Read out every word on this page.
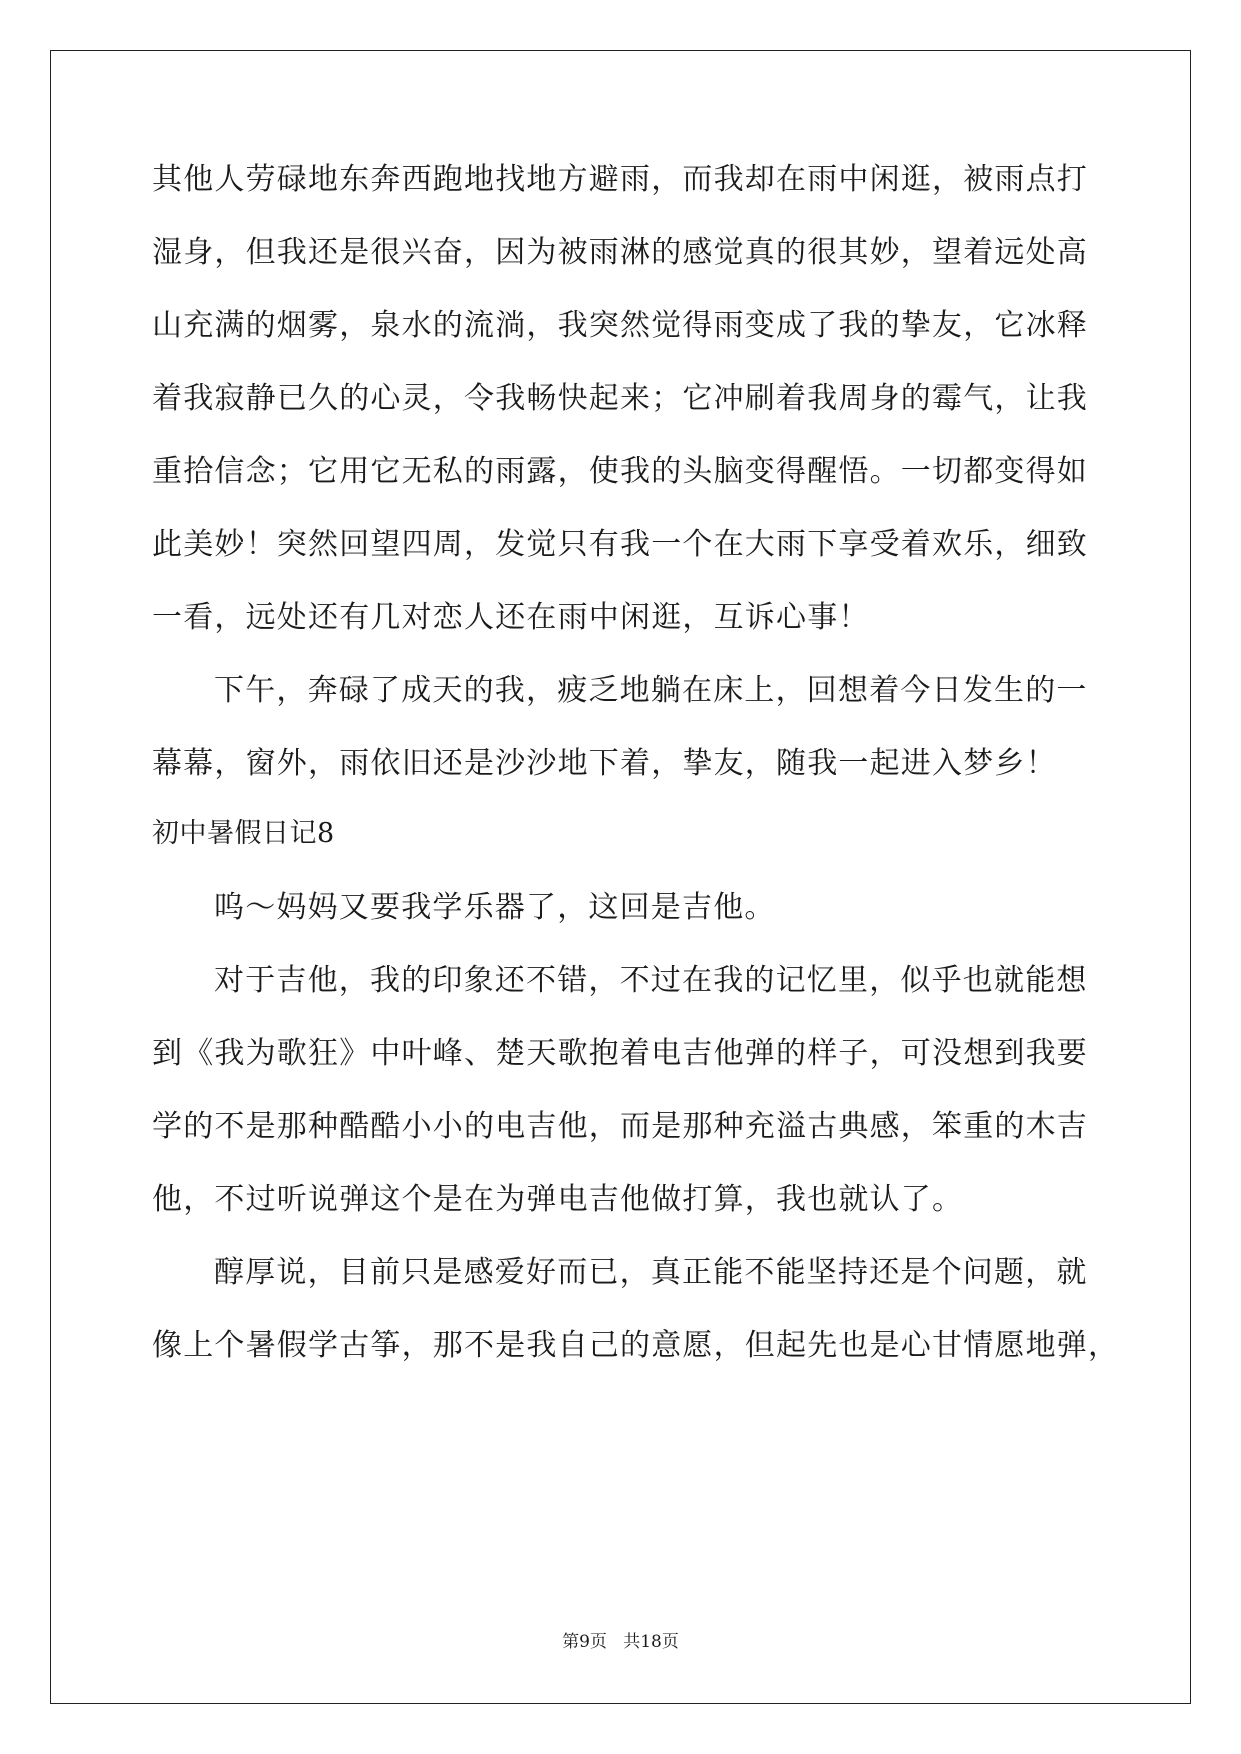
其他人劳碌地东奔西跑地找地方避雨，而我却在雨中闲逛，被雨点打
湿身，但我还是很兴奋，因为被雨淋的感觉真的很其妙，望着远处高
山充满的烟雾，泉水的流淌，我突然觉得雨变成了我的挚友，它冰释
着我寂静已久的心灵，令我畅快起来；它冲刷着我周身的霉气，让我
重拾信念；它用它无私的雨露，使我的头脑变得醒悟。一切都变得如
此美妙！突然回望四周，发觉只有我一个在大雨下享受着欢乐，细致
一看，远处还有几对恋人还在雨中闲逛，互诉心事！
下午，奔碌了成天的我，疲乏地躺在床上，回想着今日发生的一
幕幕，窗外，雨依旧还是沙沙地下着，挚友，随我一起进入梦乡！
初中暑假日记8
呜～妈妈又要我学乐器了，这回是吉他。
对于吉他，我的印象还不错，不过在我的记忆里，似乎也就能想
到《我为歌狂》中叶峰、楚天歌抱着电吉他弹的样子，可没想到我要
学的不是那种酷酷小小的电吉他，而是那种充溢古典感，笨重的木吉
他，不过听说弹这个是在为弹电吉他做打算，我也就认了。
醇厚说，目前只是感爱好而已，真正能不能坚持还是个问题，就
像上个暑假学古筝，那不是我自己的意愿，但起先也是心甘情愿地弹，
第9页 共18页
